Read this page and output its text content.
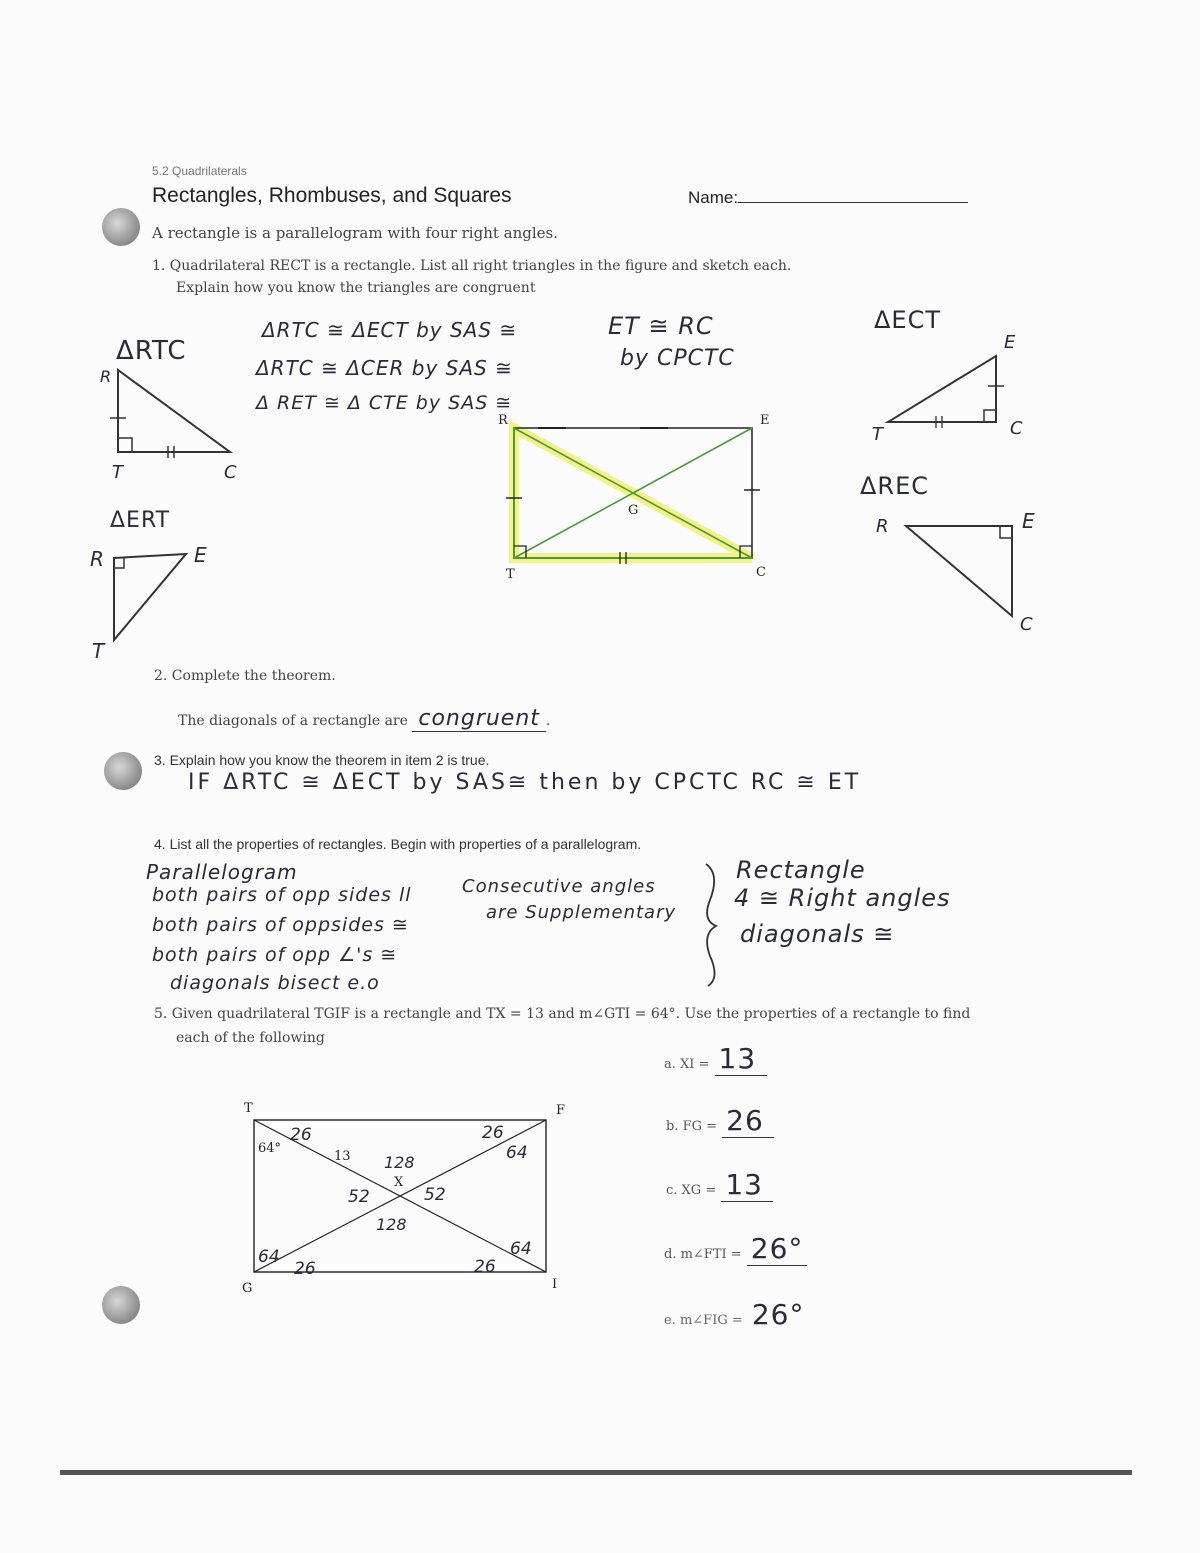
5.2 Quadrilaterals
Rectangles, Rhombuses, and Squares	Name:
A rectangle is a parallelogram with four right angles.
1. Quadrilateral RECT is a rectangle. List all right triangles in the figure and sketch each.
Explain how you know the triangles are congruent
ΔRTC ≅ ΔECT by SAS ≅
ΔRTC ≅ ΔCER by SAS ≅
Δ RET ≅ Δ CTE by SAS ≅
ET ≅ RC
by CPCTC
ΔRTC
R
T	C
ΔERT
R	E
T
R	E
G
T	C
ΔECT
E
T	C
ΔREC
R	E
C
2. Complete the theorem.
The diagonals of a rectangle are congruent .
3. Explain how you know the theorem in item 2 is true.
IF ΔRTC ≅ ΔECT by SAS≅ then by CPCTC RC ≅ ET
4. List all the properties of rectangles. Begin with properties of a parallelogram.
Parallelogram
both pairs of opp sides ll
both pairs of oppsides ≅
both pairs of opp ∠'s ≅
diagonals bisect e.o
Consecutive angles
are Supplementary
Rectangle
4 ≅ Right angles
diagonals ≅
5. Given quadrilateral TGIF is a rectangle and TX = 13 and m∠GTI = 64°. Use the properties of a rectangle to find
each of the following
T	F
G	I
X
64°
13
26	26
64
128
52	52
128
64
26	26
64
a. XI = 13
b. FG = 26
c. XG = 13
d. m∠FTI = 26°
e. m∠FIG = 26°
